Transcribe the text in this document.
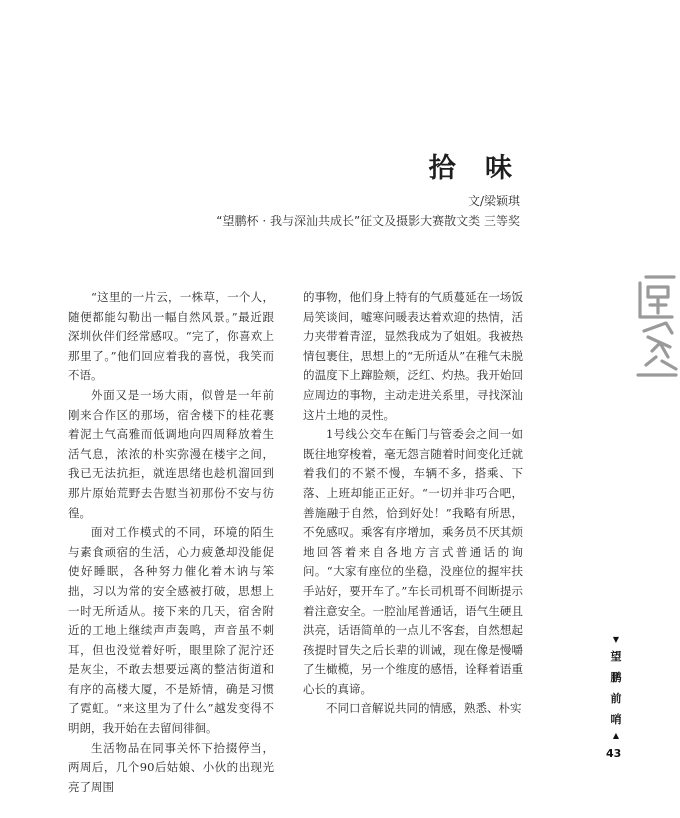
拾 味
文/梁颖琪
“望鹏杯 · 我与深汕共成长”征文及摄影大赛散文类 三等奖

“这里的一片云，一株草，一个人，随便都能勾勒出一幅自然风景。”最近跟深圳伙伴们经常感叹。“完了，你喜欢上那里了。”他们回应着我的喜悦，我笑而不语。

外面又是一场大雨，似曾是一年前刚来合作区的那场，宿舍楼下的桂花裹着泥土气高雅而低调地向四周释放着生活气息，浓浓的朴实弥漫在楼宇之间，我已无法抗拒，就连思绪也趁机溜回到那片原始荒野去告慰当初那份不安与彷徨。

面对工作模式的不同，环境的陌生与素食顽宿的生活，心力疲惫却没能促使好睡眠，各种努力催化着木讷与笨拙，习以为常的安全感被打破，思想上一时无所适从。接下来的几天，宿舍附近的工地上继续声声轰鸣，声音虽不刺耳，但也没觉着好听，眼里除了泥泞还是灰尘，不敢去想要远离的整洁街道和有序的高楼大厦，不是矫情，确是习惯了霓虹。“来这里为了什么”越发变得不明朗，我开始在去留间徘徊。

生活物品在同事关怀下拾掇停当，两周后，几个90后姑娘、小伙的出现光亮了周围

的事物，他们身上特有的气质蔓延在一场饭局笑谈间，嘘寒问暖表达着欢迎的热情，活力夹带着青涩，显然我成为了姐姐。我被热情包裹住，思想上的“无所适从”在稚气未脱的温度下上蹿脸颊，泛红、灼热。我开始回应周边的事物，主动走进关系里，寻找深汕这片土地的灵性。

1号线公交车在鲘门与管委会之间一如既往地穿梭着，毫无怨言随着时间变化迁就着我们的不紧不慢，车辆不多，搭乘、下落、上班却能正正好。“一切并非巧合吧，善施融于自然，恰到好处！”我略有所思，不免感叹。乘客有序增加，乘务员不厌其烦地回答着来自各地方言式普通话的询问。“大家有座位的坐稳，没座位的握牢扶手站好，要开车了。”车长司机哥不间断提示着注意安全。一腔汕尾普通话，语气生硬且洪亮，话语简单的一点儿不客套，自然想起孩提时冒失之后长辈的训诫，现在像是慢嚼了生橄榄，另一个维度的感悟，诠释着语重心长的真谛。

不同口音解说共同的情感，熟悉、朴实

▼
望
鹏
前
哨
▲
43
